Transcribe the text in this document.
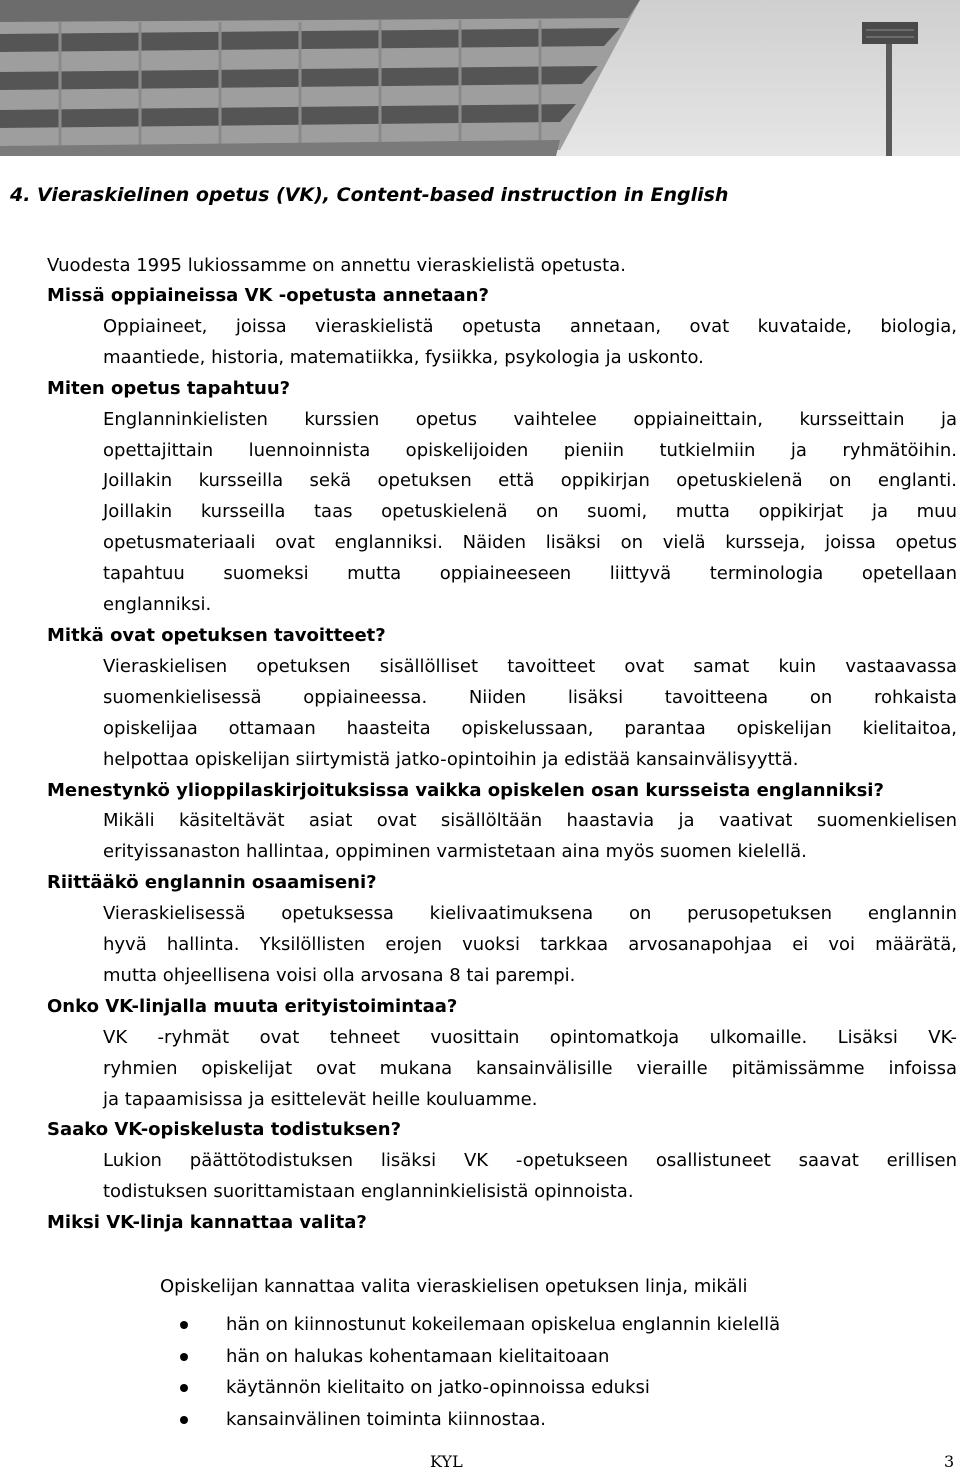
4. Vieraskielinen opetus (VK), Content-based instruction in English

Vuodesta 1995 lukiossamme on annettu vieraskielistä opetusta.

Missä oppiaineissa VK -opetusta annetaan?

Oppiaineet, joissa vieraskielistä opetusta annetaan, ovat kuvataide, biologia,
maantiede, historia, matematiikka, fysiikka, psykologia ja uskonto.

Miten opetus tapahtuu?

Englanninkielisten kurssien opetus vaihtelee oppiaineittain, kursseittain ja
opettajittain luennoinnista opiskelijoiden pieniin tutkielmiin ja ryhmätöihin.
Joillakin kursseilla sekä opetuksen että oppikirjan opetuskielenä on englanti.
Joillakin kursseilla taas opetuskielenä on suomi, mutta oppikirjat ja muu
opetusmateriaali ovat englanniksi. Näiden lisäksi on vielä kursseja, joissa opetus
tapahtuu suomeksi mutta oppiaineeseen liittyvä terminologia opetellaan
englanniksi.

Mitkä ovat opetuksen tavoitteet?

Vieraskielisen opetuksen sisällölliset tavoitteet ovat samat kuin vastaavassa
suomenkielisessä oppiaineessa. Niiden lisäksi tavoitteena on rohkaista
opiskelijaa ottamaan haasteita opiskelussaan, parantaa opiskelijan kielitaitoa,
helpottaa opiskelijan siirtymistä jatko-opintoihin ja edistää kansainvälisyyttä.

Menestynkö ylioppilaskirjoituksissa vaikka opiskelen osan kursseista englanniksi?

Mikäli käsiteltävät asiat ovat sisällöltään haastavia ja vaativat suomenkielisen
erityissanaston hallintaa, oppiminen varmistetaan aina myös suomen kielellä.

Riittääkö englannin osaamiseni?

Vieraskielisessä opetuksessa kielivaatimuksena on perusopetuksen englannin
hyvä hallinta. Yksilöllisten erojen vuoksi tarkkaa arvosanapohjaa ei voi määrätä,
mutta ohjeellisena voisi olla arvosana 8 tai parempi.

Onko VK-linjalla muuta erityistoimintaa?

VK -ryhmät ovat tehneet vuosittain opintomatkoja ulkomaille. Lisäksi VK-
ryhmien opiskelijat ovat mukana kansainvälisille vieraille pitämissämme infoissa
ja tapaamisissa ja esittelevät heille kouluamme.

Saako VK-opiskelusta todistuksen?

Lukion päättötodistuksen lisäksi VK -opetukseen osallistuneet saavat erillisen
todistuksen suorittamistaan englanninkielisistä opinnoista.

Miksi VK-linja kannattaa valita?

Opiskelijan kannattaa valita vieraskielisen opetuksen linja, mikäli

hän on kiinnostunut kokeilemaan opiskelua englannin kielellä
hän on halukas kohentamaan kielitaitoaan
käytännön kielitaito on jatko-opinnoissa eduksi
kansainvälinen toiminta kiinnostaa.
KYL	3
